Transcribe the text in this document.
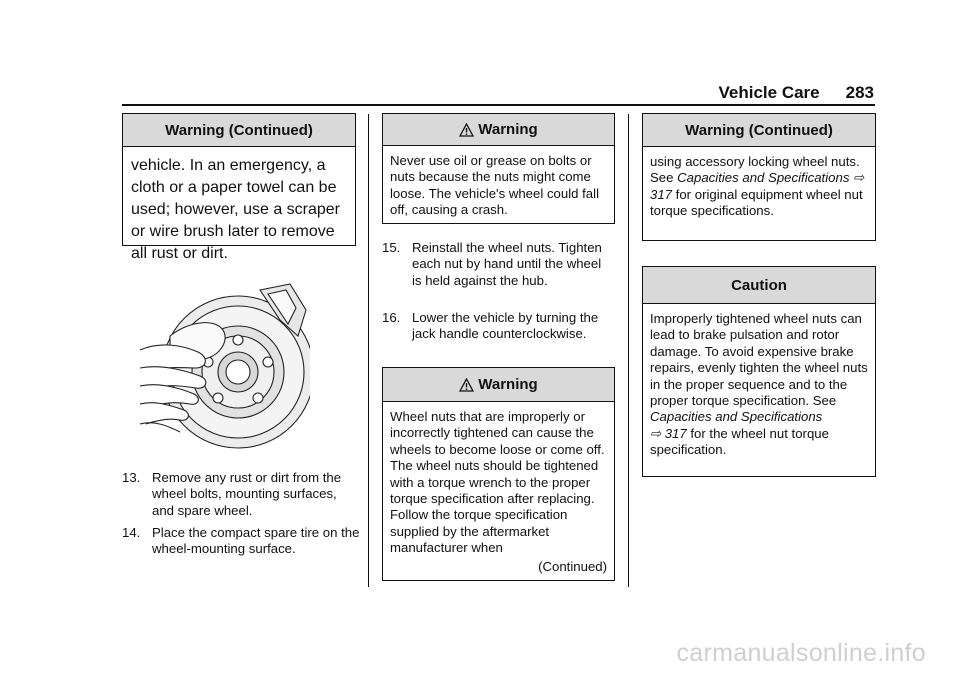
Vehicle Care 283
Warning (Continued)
vehicle. In an emergency, a cloth or a paper towel can be used; however, use a scraper or wire brush later to remove all rust or dirt.
13. Remove any rust or dirt from the wheel bolts, mounting surfaces, and spare wheel.
14. Place the compact spare tire on the wheel-mounting surface.
Warning
Never use oil or grease on bolts or nuts because the nuts might come loose. The vehicle's wheel could fall off, causing a crash.
15. Reinstall the wheel nuts. Tighten each nut by hand until the wheel is held against the hub.
16. Lower the vehicle by turning the jack handle counterclockwise.
Warning
Wheel nuts that are improperly or incorrectly tightened can cause the wheels to become loose or come off. The wheel nuts should be tightened with a torque wrench to the proper torque specification after replacing. Follow the torque specification supplied by the aftermarket manufacturer when
(Continued)
Warning (Continued)
using accessory locking wheel nuts. See Capacities and Specifications ⇨ 317 for original equipment wheel nut torque specifications.
Caution
Improperly tightened wheel nuts can lead to brake pulsation and rotor damage. To avoid expensive brake repairs, evenly tighten the wheel nuts in the proper sequence and to the proper torque specification. See Capacities and Specifications
⇨ 317 for the wheel nut torque specification.
carmanualsonline.info
